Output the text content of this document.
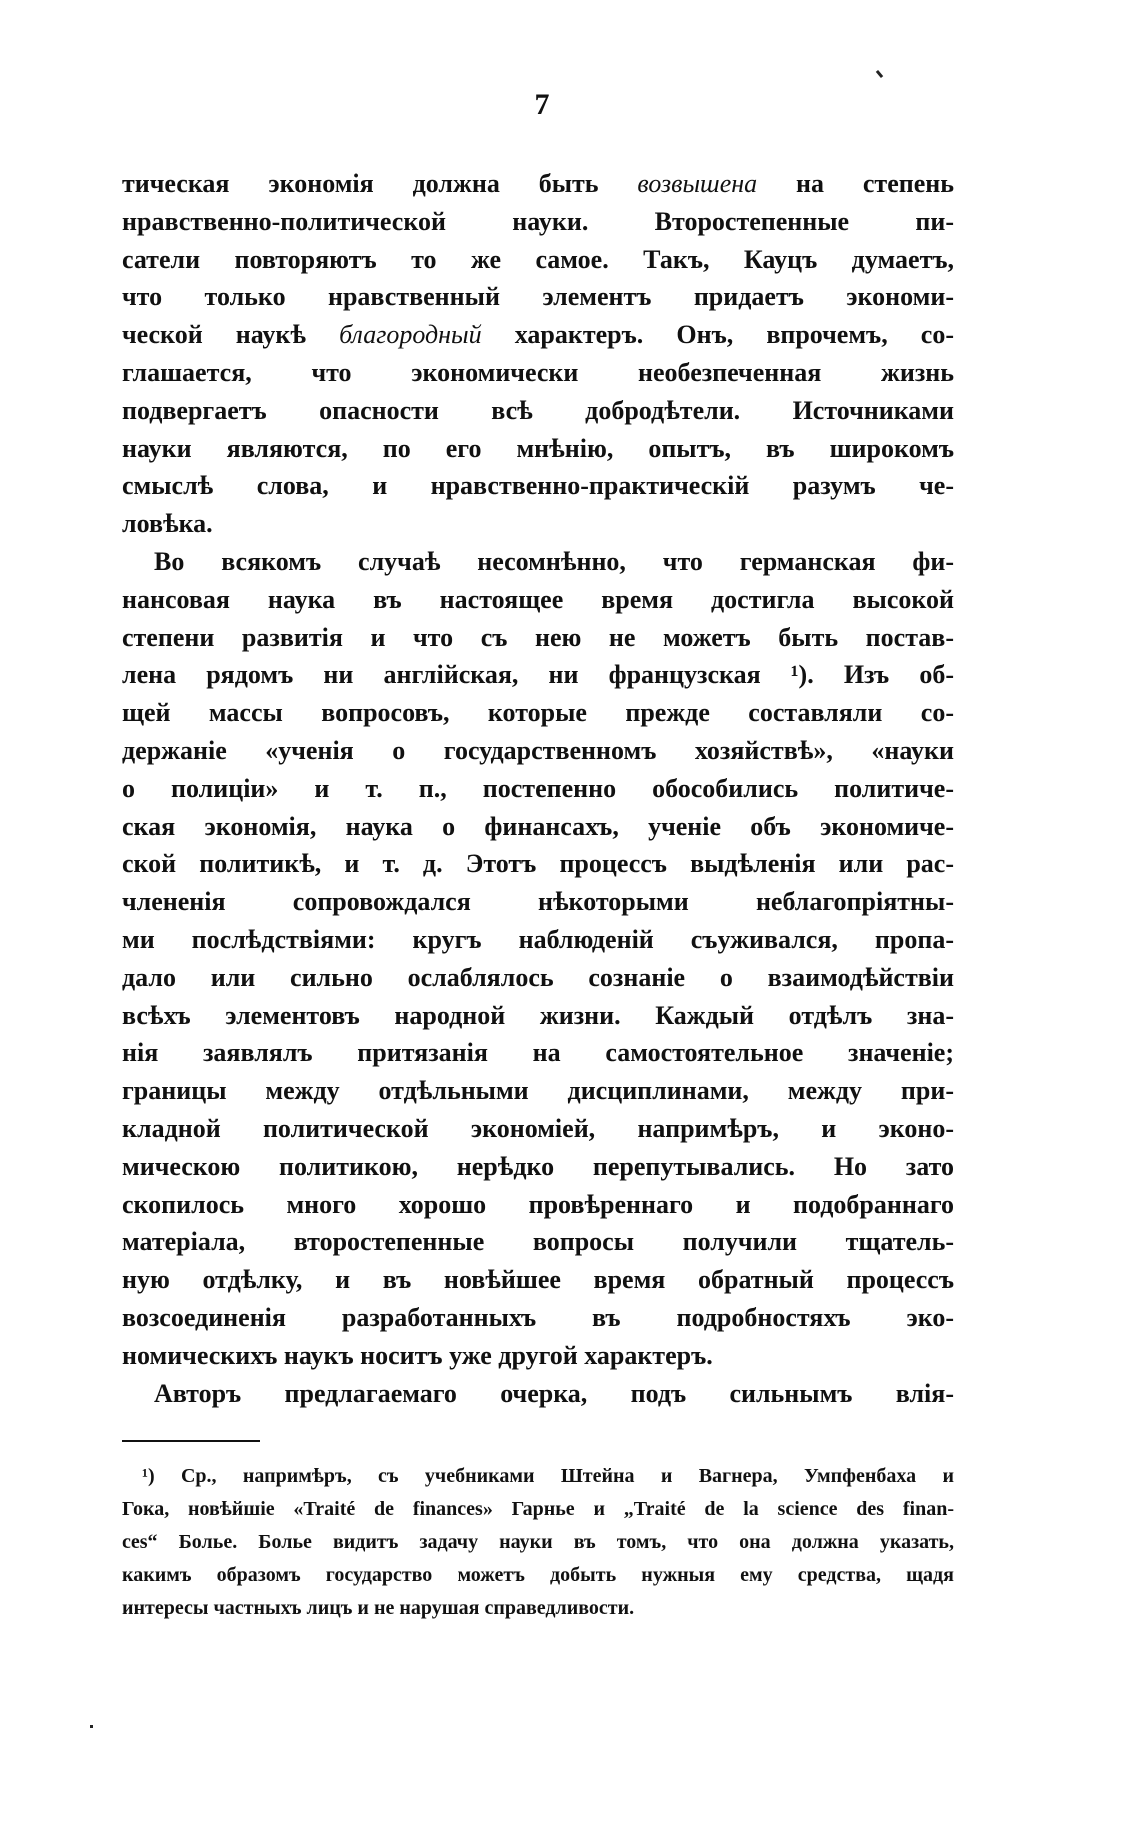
7
тическая экономія должна быть возвышена на степень
нравственно-политической науки. Второстепенные пи-
сатели повторяютъ то же самое. Такъ, Кауцъ думаетъ,
что только нравственный элементъ придаетъ экономи-
ческой наукѣ благородный характеръ. Онъ, впрочемъ, со-
глашается, что экономически необезпеченная жизнь
подвергаетъ опасности всѣ добродѣтели. Источниками
науки являются, по его мнѣнію, опытъ, въ широкомъ
смыслѣ слова, и нравственно-практическій разумъ че-
ловѣка.
Во всякомъ случаѣ несомнѣнно, что германская фи-
нансовая наука въ настоящее время достигла высокой
степени развитія и что съ нею не можетъ быть постав-
лена рядомъ ни англійская, ни французская ¹). Изъ об-
щей массы вопросовъ, которые прежде составляли со-
держаніе «ученія о государственномъ хозяйствѣ», «науки
о полиціи» и т. п., постепенно обособились политиче-
ская экономія, наука о финансахъ, ученіе объ экономиче-
ской политикѣ, и т. д. Этотъ процессъ выдѣленія или рас-
члененія сопровождался нѣкоторыми неблагопріятны-
ми послѣдствіями: кругъ наблюденій съуживался, пропа-
дало или сильно ослаблялось сознаніе о взаимодѣйствіи
всѣхъ элементовъ народной жизни. Каждый отдѣлъ зна-
нія заявлялъ притязанія на самостоятельное значеніе;
границы между отдѣльными дисциплинами, между при-
кладной политической экономіей, напримѣръ, и эконо-
мическою политикою, нерѣдко перепутывались. Но зато
скопилось много хорошо провѣреннаго и подобраннаго
матеріала, второстепенные вопросы получили тщатель-
ную отдѣлку, и въ новѣйшее время обратный процессъ
возсоединенія разработанныхъ въ подробностяхъ эко-
номическихъ наукъ носитъ уже другой характеръ.
Авторъ предлагаемаго очерка, подъ сильнымъ влія-
¹) Ср., напримѣръ, съ учебниками Штейна и Вагнера, Умпфенбаха и
Гока, новѣйшіе «Traité de finances» Гарнье и „Traité de la science des finan-
ces“ Болье. Болье видитъ задачу науки въ томъ, что она должна указать,
какимъ образомъ государство можетъ добыть нужныя ему средства, щадя
интересы частныхъ лицъ и не нарушая справедливости.
